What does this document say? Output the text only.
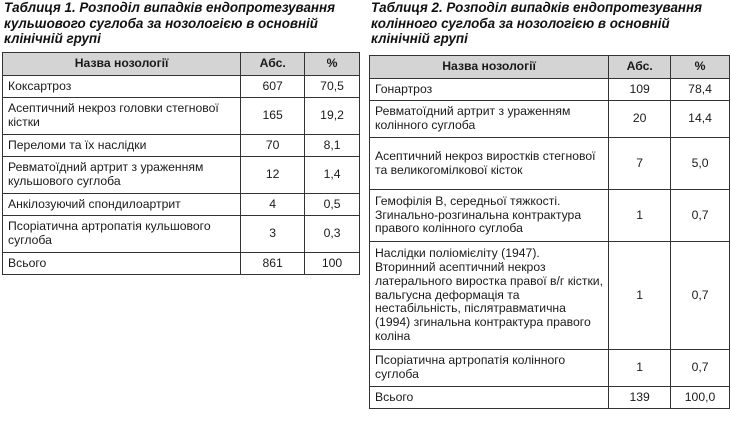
Таблиця 1. Розподіл випадків ендопротезування кульшового суглоба за нозологією в основній клінічній групі

Назва нозології	Абс.	%
Коксартроз	607	70,5
Асептичний некроз головки стегнової кістки	165	19,2
Переломи та їх наслідки	70	8,1
Ревматоїдний артрит з ураженням кульшового суглоба	12	1,4
Анкілозуючий спондилоартрит	4	0,5
Псоріатична артропатія кульшового суглоба	3	0,3
Всього	861	100

Таблиця 2. Розподіл випадків ендопротезування колінного суглоба за нозологією в основній клінічній групі

Назва нозології	Абс.	%
Гонартроз	109	78,4
Ревматоїдний артрит з ураженням колінного суглоба	20	14,4
Асептичний некроз виростків стегнової та великогомілкової кісток	7	5,0
Гемофілія В, середньої тяжкості. Згинально-розгинальна контрактура правого колінного суглоба	1	0,7
Наслідки поліомієліту (1947). Вторинний асептичний некроз латерального виростка правої в/г кістки, вальгусна деформація та нестабільність, післятравматична (1994) згинальна контрактура правого коліна	1	0,7
Псоріатична артропатія колінного суглоба	1	0,7
Всього	139	100,0
